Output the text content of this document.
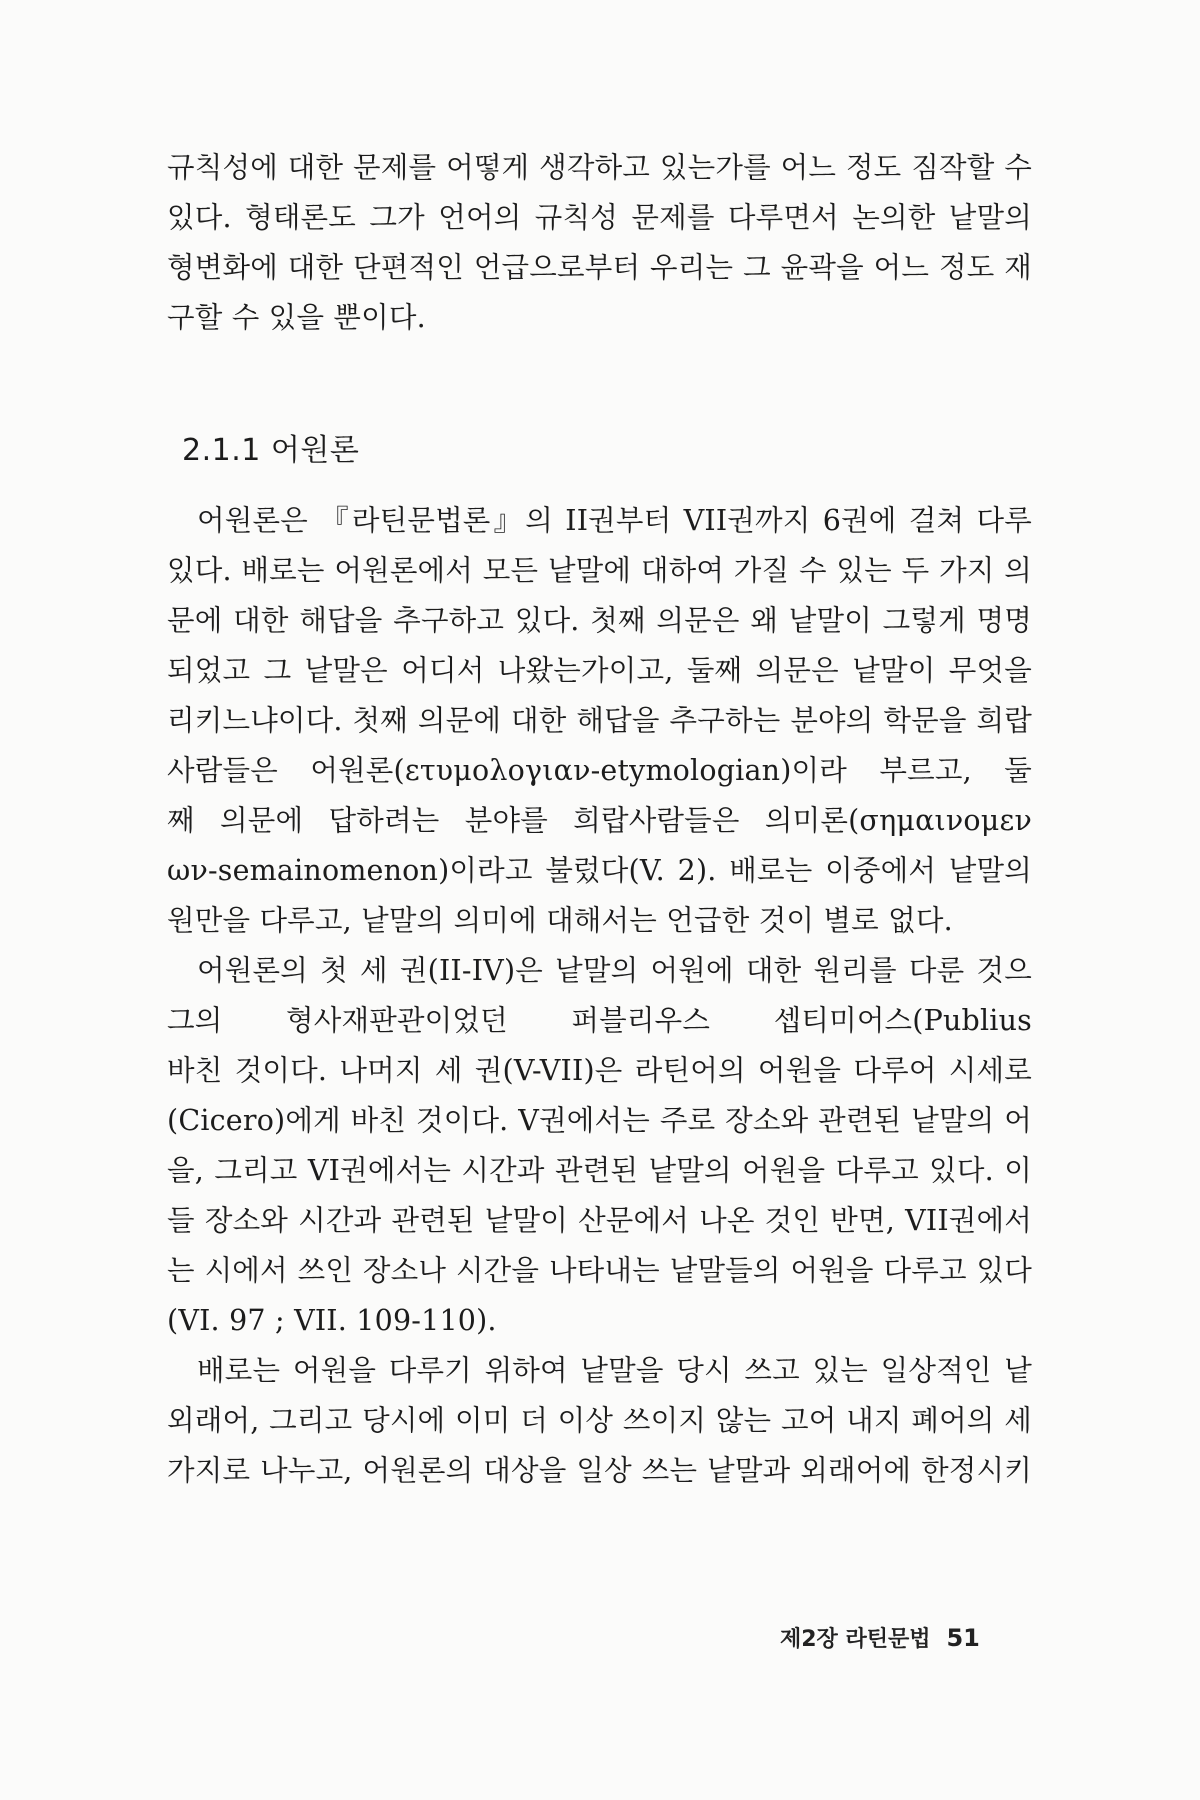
규칙성에 대한 문제를 어떻게 생각하고 있는가를 어느 정도 짐작할 수
있다. 형태론도 그가 언어의 규칙성 문제를 다루면서 논의한 낱말의
형변화에 대한 단편적인 언급으로부터 우리는 그 윤곽을 어느 정도 재
구할 수 있을 뿐이다.
2.1.1 어원론
어원론은 『라틴문법론』의 II권부터 VII권까지 6권에 걸쳐 다루
있다. 배로는 어원론에서 모든 낱말에 대하여 가질 수 있는 두 가지 의
문에 대한 해답을 추구하고 있다. 첫째 의문은 왜 낱말이 그렇게 명명
되었고 그 낱말은 어디서 나왔는가이고, 둘째 의문은 낱말이 무엇을
리키느냐이다. 첫째 의문에 대한 해답을 추구하는 분야의 학문을 희랍
사람들은 어원론(ετυμολογιαν-etymologian)이라 부르고, 둘
째 의문에 답하려는 분야를 희랍사람들은 의미론(σημαινομεν
ων-semainomenon)이라고 불렀다(V. 2). 배로는 이중에서 낱말의
원만을 다루고, 낱말의 의미에 대해서는 언급한 것이 별로 없다.
어원론의 첫 세 권(II-IV)은 낱말의 어원에 대한 원리를 다룬 것으
그의 형사재판관이었던 퍼블리우스 셉티미어스(Publius
바친 것이다. 나머지 세 권(V-VII)은 라틴어의 어원을 다루어 시세로
(Cicero)에게 바친 것이다. V권에서는 주로 장소와 관련된 낱말의 어
을, 그리고 VI권에서는 시간과 관련된 낱말의 어원을 다루고 있다. 이
들 장소와 시간과 관련된 낱말이 산문에서 나온 것인 반면, VII권에서
는 시에서 쓰인 장소나 시간을 나타내는 낱말들의 어원을 다루고 있다
(VI. 97 ; VII. 109-110).
배로는 어원을 다루기 위하여 낱말을 당시 쓰고 있는 일상적인 낱
외래어, 그리고 당시에 이미 더 이상 쓰이지 않는 고어 내지 폐어의 세
가지로 나누고, 어원론의 대상을 일상 쓰는 낱말과 외래어에 한정시키
제2장 라틴문법 51
